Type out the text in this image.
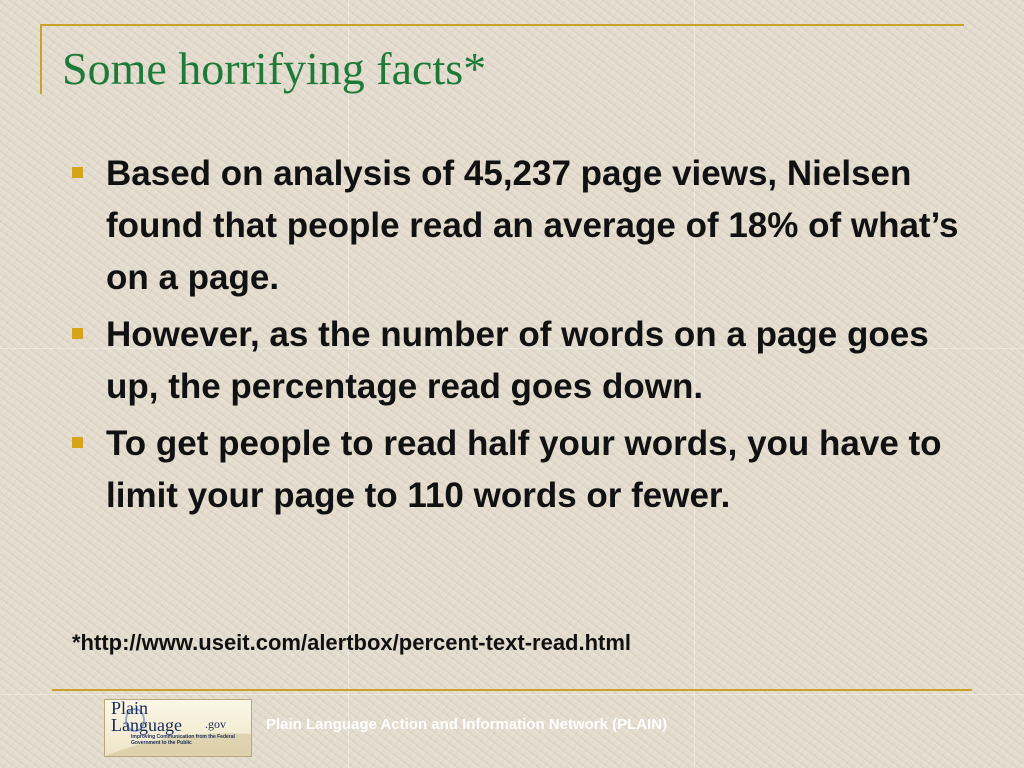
Some horrifying facts*
Based on analysis of 45,237 page views, Nielsen found that people read an average of 18% of what’s on a page.
However, as the number of words on a page goes up, the percentage read goes down.
To get people to read half your words, you have to limit your page to 110 words or fewer.
*http://www.useit.com/alertbox/percent-text-read.html
Plain
Language .gov
Improving Communication from the Federal Government to the Public
Plain Language Action and Information Network (PLAIN)
